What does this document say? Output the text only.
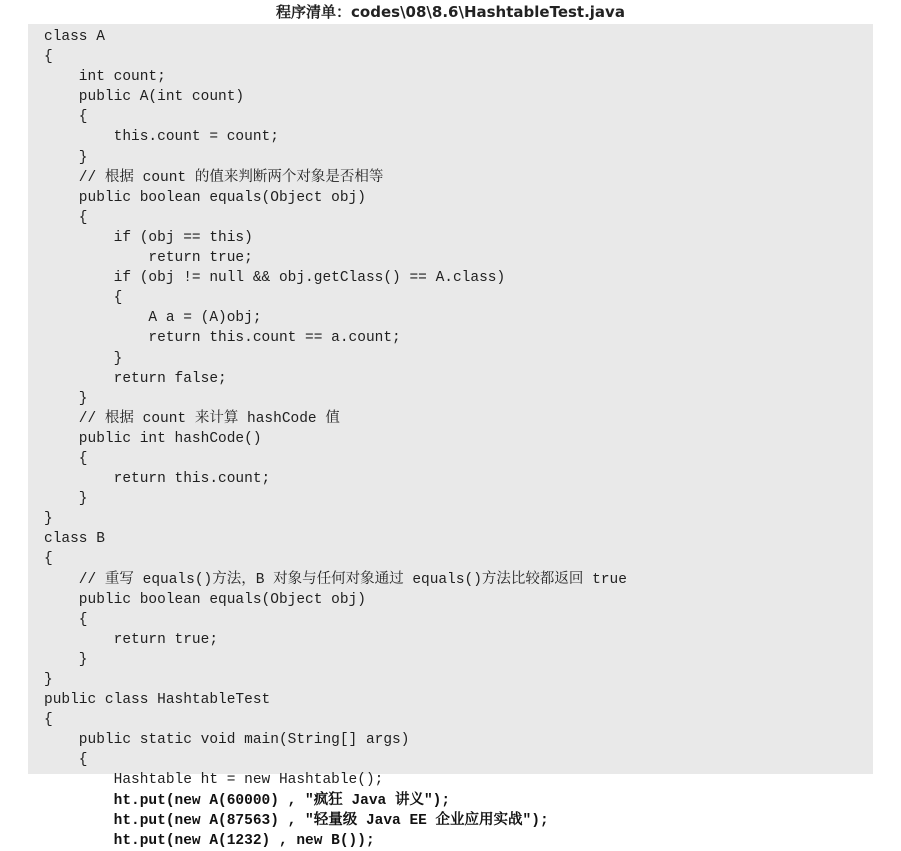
程序清单：codes\08\8.6\HashtableTest.java
class A
{
int count;
public A(int count)
{
this.count = count;
}
// 根据 count 的值来判断两个对象是否相等
public boolean equals(Object obj)
{
if (obj == this)
return true;
if (obj != null && obj.getClass() == A.class)
{
A a = (A)obj;
return this.count == a.count;
}
return false;
}
// 根据 count 来计算 hashCode 值
public int hashCode()
{
return this.count;
}
}
class B
{
// 重写 equals()方法，B 对象与任何对象通过 equals()方法比较都返回 true
public boolean equals(Object obj)
{
return true;
}
}
public class HashtableTest
{
public static void main(String[] args)
{
Hashtable ht = new Hashtable();
ht.put(new A(60000) , "疯狂 Java 讲义");
ht.put(new A(87563) , "轻量级 Java EE 企业应用实战");
ht.put(new A(1232) , new B());
